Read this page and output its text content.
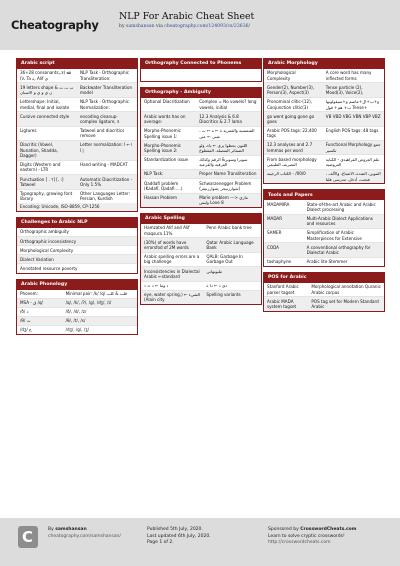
Cheatography
NLP For Arabic Cheat Sheet
by samshansan via cheatography.com/124093/cs/23636/
Arabic script
36+28 consonants,ﷲ (ﻻ، ﻷ)، Ta ة, Alif ى	NLP Task - Orthographic Transliteration:
19 letters shape & ﺏ ﺕ ﺙ ﻥ ﻱ و ﻱ ﻭ ﺍﻻﺳﻨﺎﻥ	Backwater Transliteration model
Lettershape: Initial, medial, final and isolate	NLP Task - Orthographic Normalization:
Cursive connected style	encoding cleanup-complex ligature, ﻻ
Ligtures	Tatweel and diacritics remove
Diacritic (Vowel, Nunation, Shadda, Dagger)	Letter normalization: ا ← أ إ آ
Digits (Western and eastern) - LTR	Hand writing - MADCAT
Punctuation [ . ؟] [، ؛] Tatweel	Automatic Diacritization - Only 1.5%
Typography, growing font library	Other Languages Letter: Persian, Kurdish
Encoding: Unicode, ISO-8859, CP-1256
Challenges to Arabic NLP
Orthographic ambiguity
Orthographic inconsistency
Morphological Complexity
Dialect Variation
Annotated resource poverty
Arabic Phonology
Phonem:	Minimal pair: /k/ /q/ قلب & كلب
MSA - ق /q/	/q/, /k/, /ʔ/, /g/, /dʒ/, /ɪ/
ذ /ð/	/ð/, /d/, /z/
ث /θ/	/θ/, /t/, /s/
ج /dʒ/	/dʒ/, /g/, /ʒ/
Orthography Connected to Phonems
Orthography - Ambiguity
Optional Diacritization	Complex = No vowels? long vowels, initial
Arabic words has on average:	12.3 Analysis & 6.8 Diacritics & 2.7 lama
Morpho-Phonemic Spelling issue 1:	الشمسية والقمرية ة ← ه ← ت ، عيني ← عين
Morpho-Phonemic Spelling issue 2:	اللتون يحظوا يرى ← ياء، ولو الضمائر المتصلة، المقطوع
Standardization issue	سوبرا وسوبر& الرقم وكذلك الفرقية والقرعية
NLP Task:	Proper Name Transliteration
Qaddafi problem (Kadafi, Qadafi.....)	Schwarzenegger Problem (شوارزنيجر ,شوارزنيغر)
Hassan Problem	Marie problem ---> ماري وليس Love 8
Arabic Spelling
Hamzated Alif and Alif maqsura 11%	Penn Arabic bank tree
(30%) of words have errorsfod of 2M words	Qatar Arabic Language Bank
Arabic spelling errors are a big challenge	QALB: Garbage In Garbage Out
Inconsistencies in Dialectal Arabic ←standard	مليونهاتي
د وما ← ذ = ذ	دى ذ ← دا ة
الشيء ← (eye, water spring, Alain city)	Spelling variants
Arabic Morphology
Morphological Complexity	A core word has many inflected forms
Gender(2), Number(3), Person(3), Aspect(3)	Tense particle (2), Mood(3), Voice(2),
Pronominal clitic-(12), Conjunction clitic(3)	و+ب+ال+عاصم و+سيقولونها +Tense ب+ هم+ قول
go went going gone go goes	VB VBD VBG VBN VBP VBZ
Arabic POS tags: 22,400 tags	English POS tags: 48 tags
12.3 analyses and 2.7 lemmas per word	Functional Morphology جمع تكسير
From based morphology التصريف الطبيعي	علم العروض الفراهيدي - الكناية العروضية
00/0/ - الكتاب الرجيبة	التنوين، الشدة، الاشباع، والألف ، فتحت، أدخل، مدرسى قلنا
Tools and Papers
MADAMIRA	State-of-the-art Arabic and Arabic Dialect processing
MADAR	Multi-Arabic Dialect Applications and resources
SAMER	Simplification of Arabic Masterpieces for Extensive
CODA	A conventional orthography for Dialectal Arabic
tashaphyne	Arabic lite Stemmer
POS for Arabic
Stanford Arabic parser tagset	Morphological annotation Quranic Arabic corpus
Arabic MADA system tagset	POS tag set for Modern Standard Arabic
C	By samshansan
cheatography.com/samshansan/
Published 5th July, 2020.
Last updated 6th July, 2020.
Page 1 of 2.
Sponsored by CrosswordCheats.com
Learn to solve cryptic crosswords!
http://crosswordcheats.com
